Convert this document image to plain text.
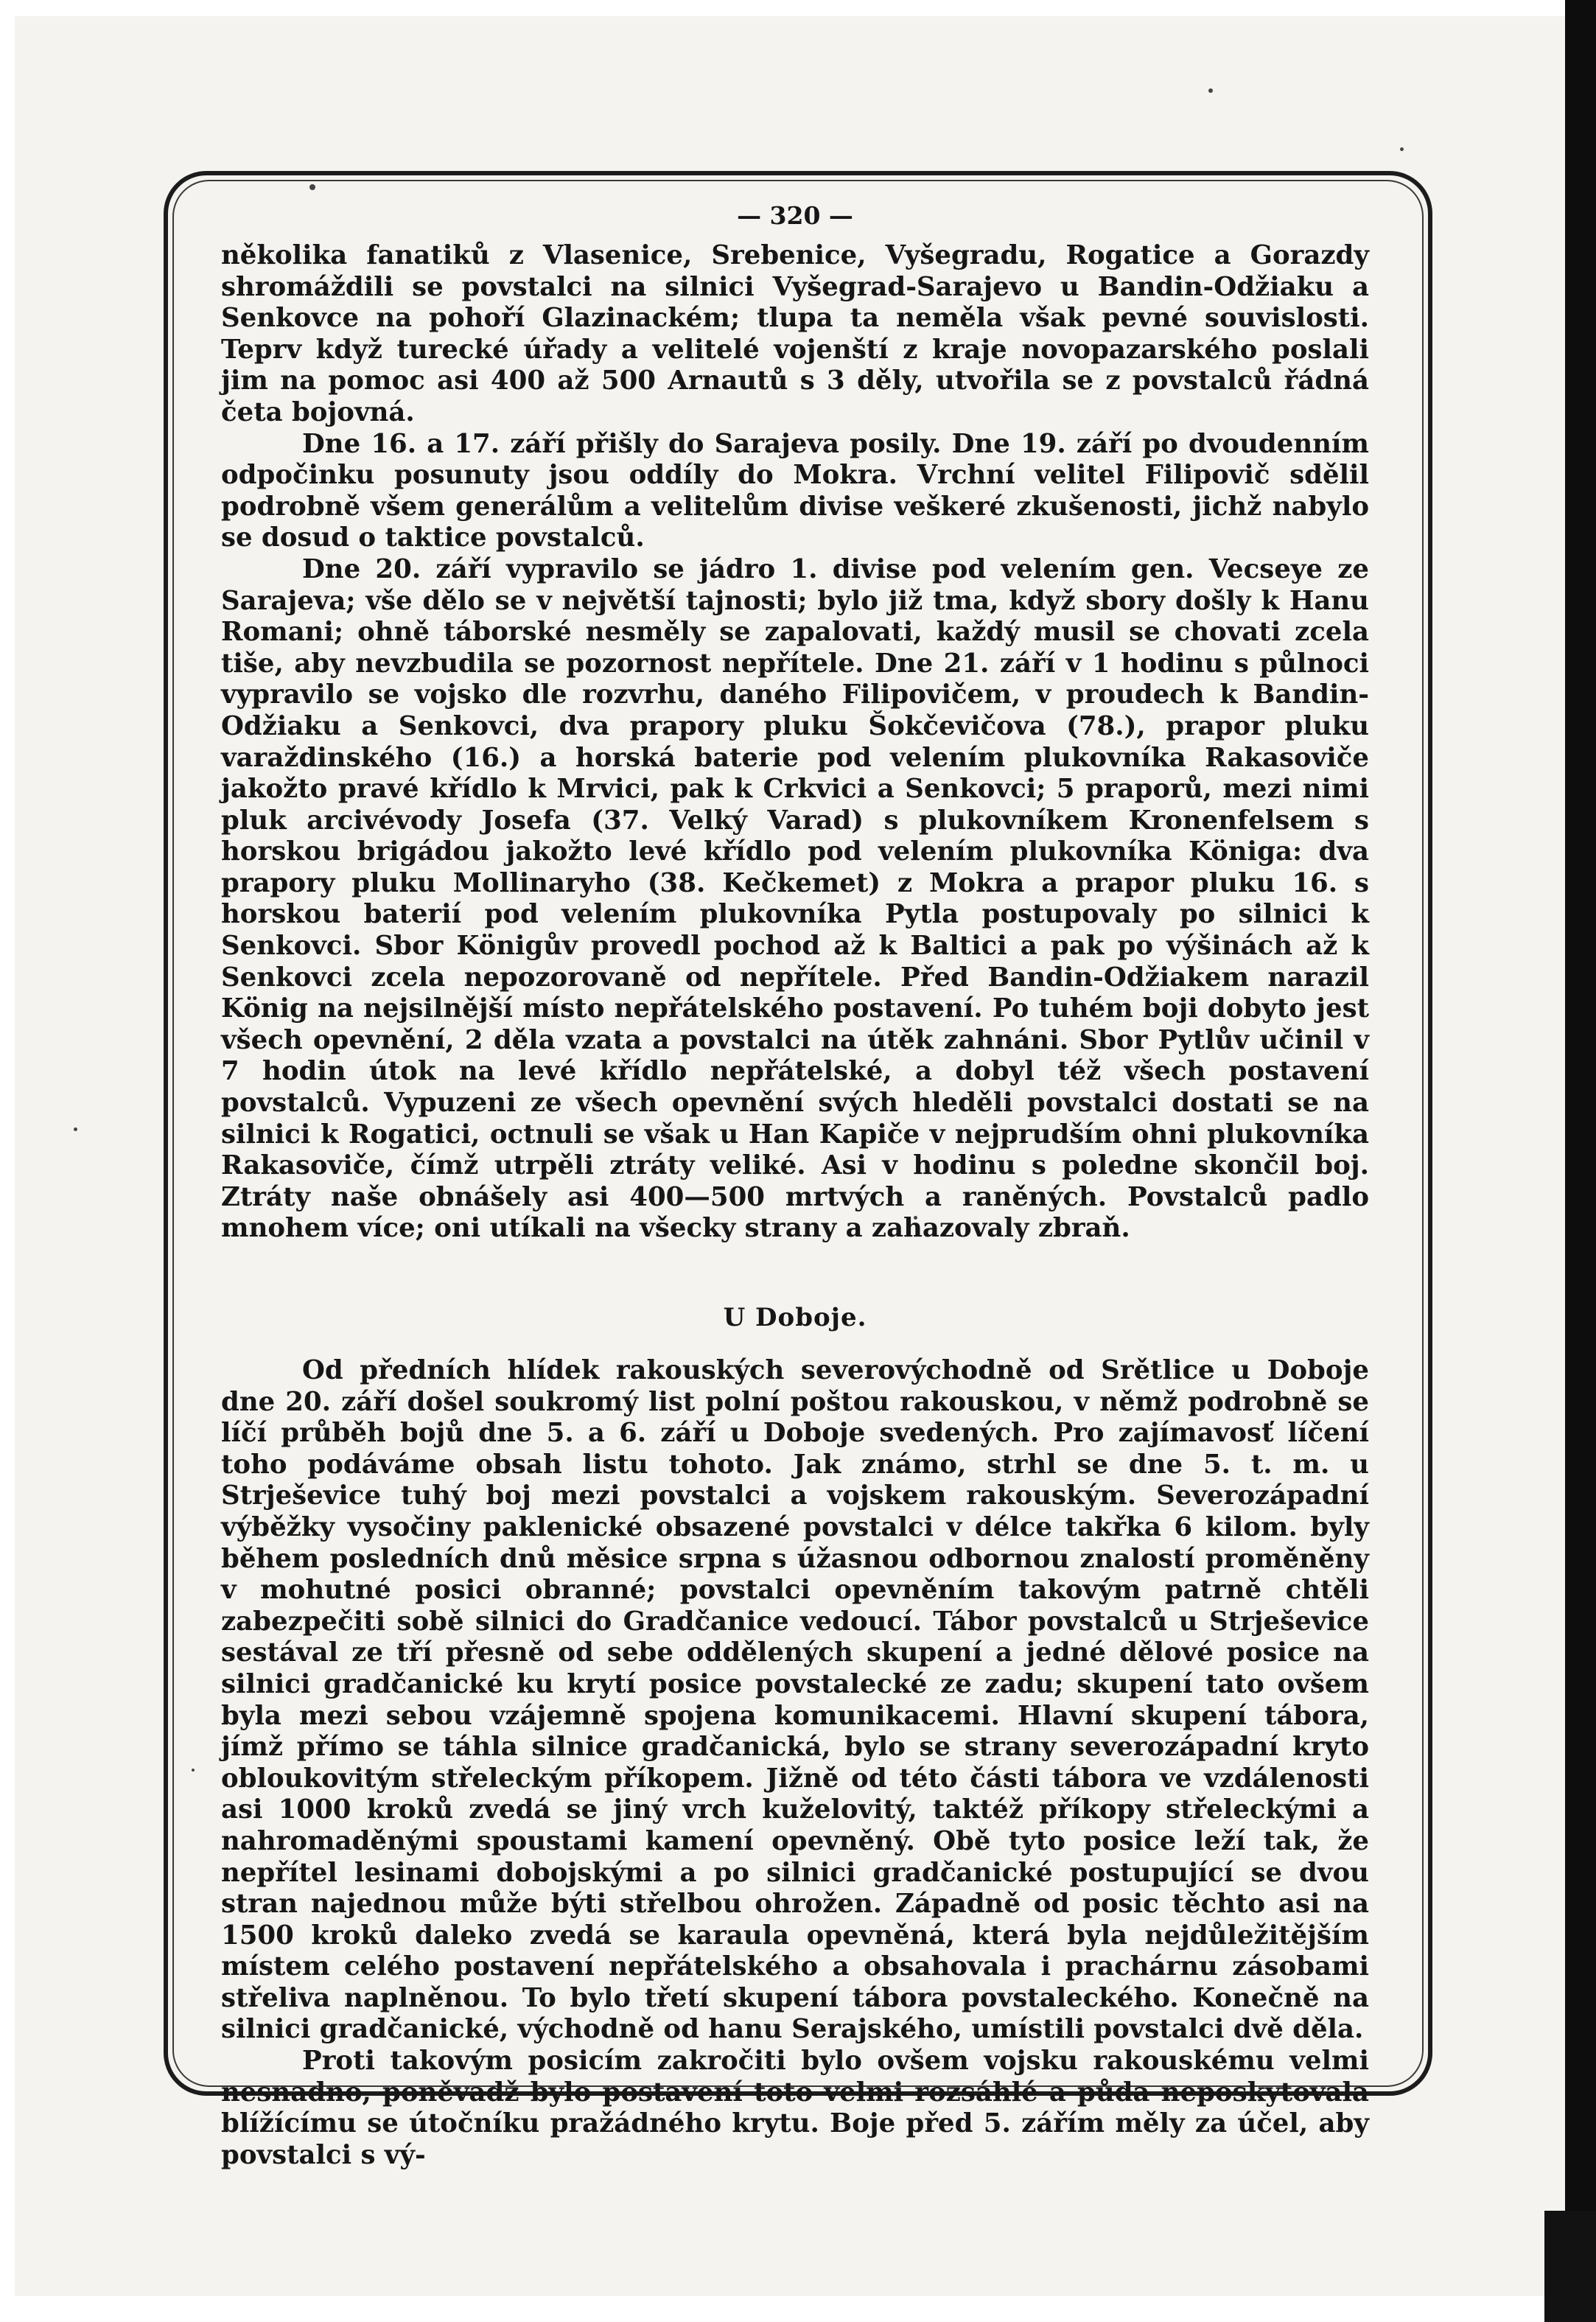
— 320 —

několika fanatiků z Vlasenice, Srebenice, Vyšegradu, Rogatice a Gorazdy shromáždili se povstalci na silnici Vyšegrad-Sarajevo u Bandin-Odžiaku a Senkovce na pohoří Glazinackém; tlupa ta neměla však pevné souvislosti. Teprv když turecké úřady a velitelé vojenští z kraje novopazarského poslali jim na pomoc asi 400 až 500 Arnautů s 3 děly, utvořila se z povstalců řádná četa bojovná.

Dne 16. a 17. září přišly do Sarajeva posily. Dne 19. září po dvoudenním odpočinku posunuty jsou oddíly do Mokra. Vrchní velitel Filipovič sdělil podrobně všem generálům a velitelům divise veškeré zkušenosti, jichž nabylo se dosud o taktice povstalců.

Dne 20. září vypravilo se jádro 1. divise pod velením gen. Vecseye ze Sarajeva; vše dělo se v největší tajnosti; bylo již tma, když sbory došly k Hanu Romani; ohně táborské nesměly se zapalovati, každý musil se chovati zcela tiše, aby nevzbudila se pozornost nepřítele. Dne 21. září v 1 hodinu s půlnoci vypravilo se vojsko dle rozvrhu, daného Filipovičem, v proudech k Bandin-Odžiaku a Senkovci, dva prapory pluku Šokčevičova (78.), prapor pluku varaždinského (16.) a horská baterie pod velením plukovníka Rakasoviče jakožto pravé křídlo k Mrvici, pak k Crkvici a Senkovci; 5 praporů, mezi nimi pluk arcivévody Josefa (37. Velký Varad) s plukovníkem Kronenfelsem s horskou brigádou jakožto levé křídlo pod velením plukovníka Königa: dva prapory pluku Mollinaryho (38. Kečkemet) z Mokra a prapor pluku 16. s horskou baterií pod velením plukovníka Pytla postupovaly po silnici k Senkovci. Sbor Königův provedl pochod až k Baltici a pak po výšinách až k Senkovci zcela nepozorovaně od nepřítele. Před Bandin-Odžiakem narazil König na nejsilnější místo nepřátelského postavení. Po tuhém boji dobyto jest všech opevnění, 2 děla vzata a povstalci na útěk zahnáni. Sbor Pytlův učinil v 7 hodin útok na levé křídlo nepřátelské, a dobyl též všech postavení povstalců. Vypuzeni ze všech opevnění svých hleděli povstalci dostati se na silnici k Rogatici, octnuli se však u Han Kapiče v nejprudším ohni plukovníka Rakasoviče, čímž utrpěli ztráty veliké. Asi v hodinu s poledne skončil boj. Ztráty naše obnášely asi 400—500 mrtvých a raněných. Povstalců padlo mnohem více; oni utíkali na všecky strany a zahazovaly zbraň.

U Doboje.

Od předních hlídek rakouských severovýchodně od Srětlice u Doboje dne 20. září došel soukromý list polní poštou rakouskou, v němž podrobně se líčí průběh bojů dne 5. a 6. září u Doboje svedených. Pro zajímavosť líčení toho podáváme obsah listu tohoto. Jak známo, strhl se dne 5. t. m. u Strješevice tuhý boj mezi povstalci a vojskem rakouským. Severozápadní výběžky vysočiny paklenické obsazené povstalci v délce takřka 6 kilom. byly během posledních dnů měsice srpna s úžasnou odbornou znalostí proměněny v mohutné posici obranné; povstalci opevněním takovým patrně chtěli zabezpečiti sobě silnici do Gradčanice vedoucí. Tábor povstalců u Strješevice sestával ze tří přesně od sebe oddělených skupení a jedné dělové posice na silnici gradčanické ku krytí posice povstalecké ze zadu; skupení tato ovšem byla mezi sebou vzájemně spojena komunikacemi. Hlavní skupení tábora, jímž přímo se táhla silnice gradčanická, bylo se strany severozápadní kryto obloukovitým střeleckým příkopem. Jižně od této části tábora ve vzdálenosti asi 1000 kroků zvedá se jiný vrch kuželovitý, taktéž příkopy střeleckými a nahromaděnými spoustami kamení opevněný. Obě tyto posice leží tak, že nepřítel lesinami dobojskými a po silnici gradčanické postupující se dvou stran najednou může býti střelbou ohrožen. Západně od posic těchto asi na 1500 kroků daleko zvedá se karaula opevněná, která byla nejdůležitějším místem celého postavení nepřátelského a obsahovala i prachárnu zásobami střeliva naplněnou. To bylo třetí skupení tábora povstaleckého. Konečně na silnici gradčanické, východně od hanu Serajského, umístili povstalci dvě děla.

Proti takovým posicím zakročiti bylo ovšem vojsku rakouskému velmi nesnadno, poněvadž bylo postavení toto velmi rozsáhlé a půda neposkytovala blížícímu se útočníku pražádného krytu. Boje před 5. zářím měly za účel, aby povstalci s vý-
